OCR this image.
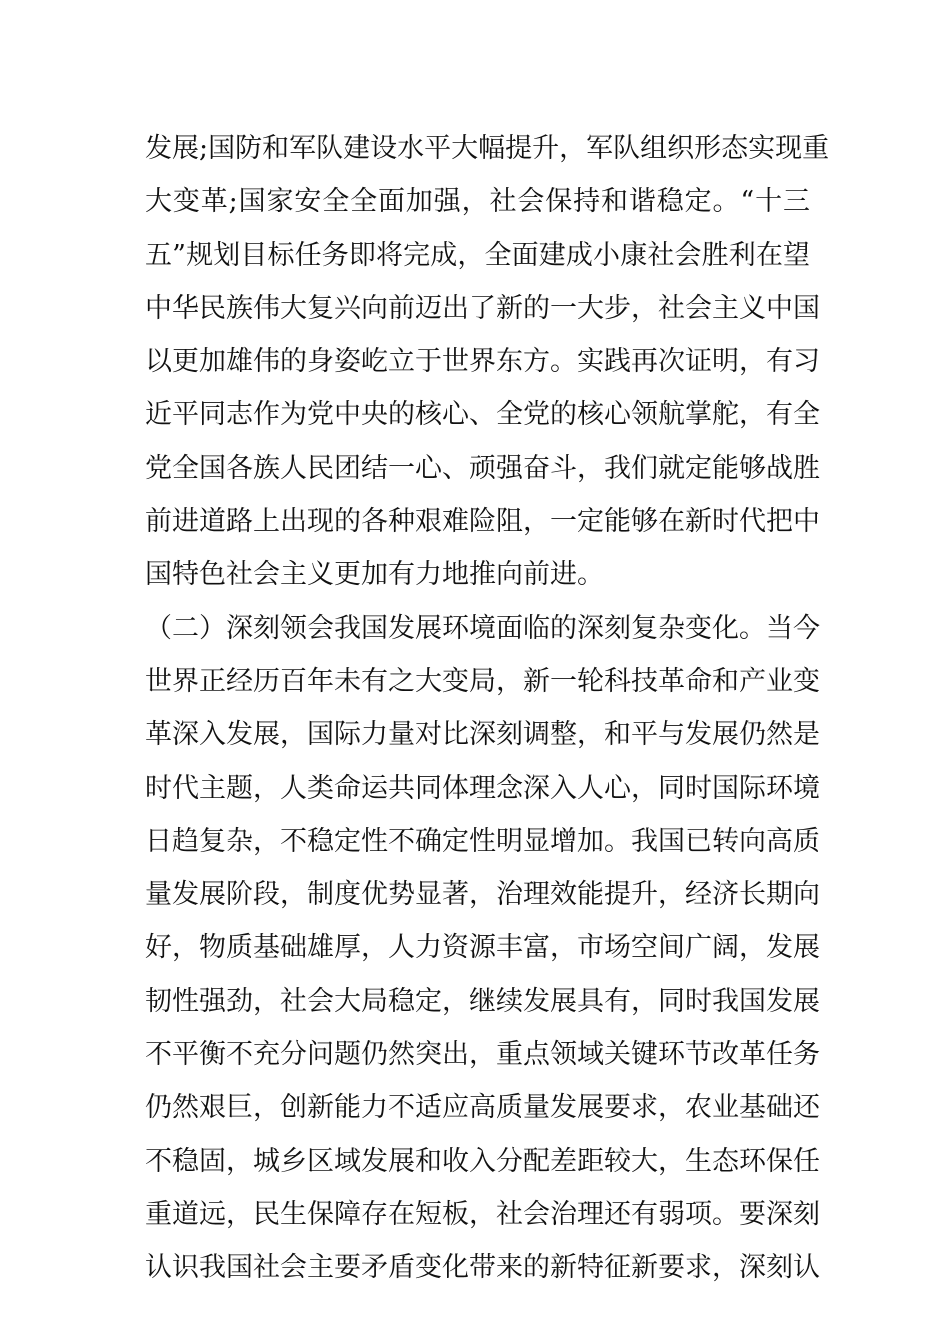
发展;国防和军队建设水平大幅提升，军队组织形态实现重
大变革;国家安全全面加强，社会保持和谐稳定。“十三
五”规划目标任务即将完成，全面建成小康社会胜利在望
中华民族伟大复兴向前迈出了新的一大步，社会主义中国
以更加雄伟的身姿屹立于世界东方。实践再次证明，有习
近平同志作为党中央的核心、全党的核心领航掌舵，有全
党全国各族人民团结一心、顽强奋斗，我们就定能够战胜
前进道路上出现的各种艰难险阻，一定能够在新时代把中
国特色社会主义更加有力地推向前进。
（二）深刻领会我国发展环境面临的深刻复杂变化。当今
世界正经历百年未有之大变局，新一轮科技革命和产业变
革深入发展，国际力量对比深刻调整，和平与发展仍然是
时代主题，人类命运共同体理念深入人心，同时国际环境
日趋复杂，不稳定性不确定性明显增加。我国已转向高质
量发展阶段，制度优势显著，治理效能提升，经济长期向
好，物质基础雄厚，人力资源丰富，市场空间广阔，发展
韧性强劲，社会大局稳定，继续发展具有，同时我国发展
不平衡不充分问题仍然突出，重点领域关键环节改革任务
仍然艰巨，创新能力不适应高质量发展要求，农业基础还
不稳固，城乡区域发展和收入分配差距较大，生态环保任
重道远，民生保障存在短板，社会治理还有弱项。要深刻
认识我国社会主要矛盾变化带来的新特征新要求，深刻认
